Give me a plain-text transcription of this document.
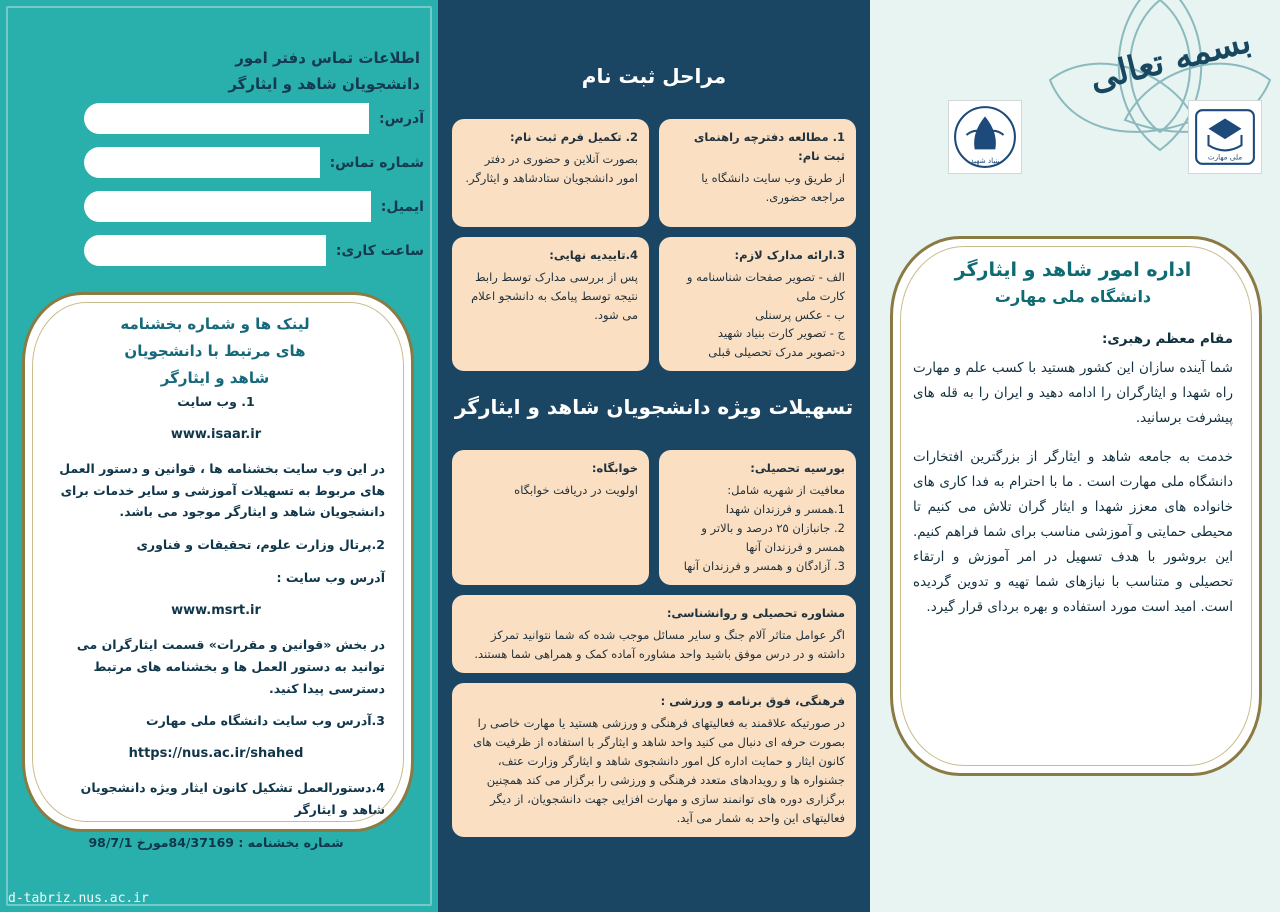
اطلاعات تماس دفتر امور
دانشجویان شاهد و ایثارگر
آدرس:
شماره تماس:
ایمیل:
ساعت کاری:
لینک ها و شماره بخشنامه
های مرتبط با دانشجویان
شاهد و ایثارگر

1. وب سایت

www.isaar.ir

در این وب سایت بخشنامه ها ، قوانین و دستور العمل های مربوط به تسهیلات آموزشی و سایر خدمات برای دانشجویان شاهد و ایثارگر موجود می باشد.

2.پرتال وزارت علوم، تحقیقات و فناوری

آدرس وب سایت :

www.msrt.ir

در بخش «قوانین و مقررات» قسمت ایثارگران می توانید به دستور العمل ها و بخشنامه های مرتبط دسترسی پیدا کنید.

3.آدرس وب سایت دانشگاه ملی مهارت

https://nus.ac.ir/shahed

4.دستورالعمل تشکیل کانون ایثار ویژه دانشجویان شاهد و ایثارگر

شماره بخشنامه : 84/37169مورخ 98/7/1

d-tabriz.nus.ac.ir
مراحل ثبت نام
1. مطالعه دفترچه راهنمای ثبت نام:
از طریق وب سایت دانشگاه یا مراجعه حضوری.
2. تکمیل فرم ثبت نام:
بصورت آنلاین و حضوری در دفتر امور دانشجویان ستادشاهد و ایثارگر.
3.ارائه مدارک لازم:
الف - تصویر صفحات شناسنامه و کارت ملی
ب - عکس پرسنلی
ج - تصویر کارت بنیاد شهید
د-تصویر مدرک تحصیلی قبلی
4.تاییدیه نهایی:
پس از بررسی مدارک توسط رابط نتیجه توسط پیامک به دانشجو اعلام می شود.
تسهیلات ویژه دانشجویان شاهد و ایثارگر
بورسیه تحصیلی:
معافیت از شهریه شامل:
1.همسر و فرزندان شهدا
2. جانبازان ۲۵ درصد و بالاتر و همسر و فرزندان آنها
3. آزادگان و همسر و فرزندان آنها
خوابگاه:
اولویت در دریافت خوابگاه
مشاوره تحصیلی و روانشناسی:
اگر عوامل متاثر آلام جنگ و سایر مسائل موجب شده که شما نتوانید تمرکز داشته و در درس موفق باشید واحد مشاوره آماده کمک و همراهی شما هستند.
فرهنگی، فوق برنامه و ورزشی :
در صورتیکه علاقمند به فعالیتهای فرهنگی و ورزشی هستید یا مهارت خاصی را بصورت حرفه ای دنبال می کنید واحد شاهد و ایثارگر با استفاده از ظرفیت های کانون ایثار و حمایت اداره کل امور دانشجوی شاهد و ایثارگر وزارت عتف، جشنواره ها و رویدادهای متعدد فرهنگی و ورزشی را برگزار می کند همچنین برگزاری دوره های توانمند سازی و مهارت افزایی جهت دانشجویان، از دیگر فعالیتهای این واحد به شمار می آید.
بسمه تعالی
بنیاد شهید	ملی مهارت
اداره امور شاهد و ایثارگر
دانشگاه ملی مهارت

مقام معظم رهبری:

شما آینده سازان این کشور هستید با کسب علم و مهارت راه شهدا و ایثارگران را ادامه دهید و ایران را به قله های پیشرفت برسانید.

خدمت به جامعه شاهد و ایثارگر از بزرگترین افتخارات دانشگاه ملی مهارت است . ما با احترام به فدا کاری های خانواده های معزز شهدا و ایثار گران تلاش می کنیم تا محیطی حمایتی و آموزشی مناسب برای شما فراهم کنیم. این بروشور با هدف تسهیل در امر آموزش و ارتقاء تحصیلی و متناسب با نیازهای شما تهیه و تدوین گردیده است. امید است مورد استفاده و بهره بردای قرار گیرد.
